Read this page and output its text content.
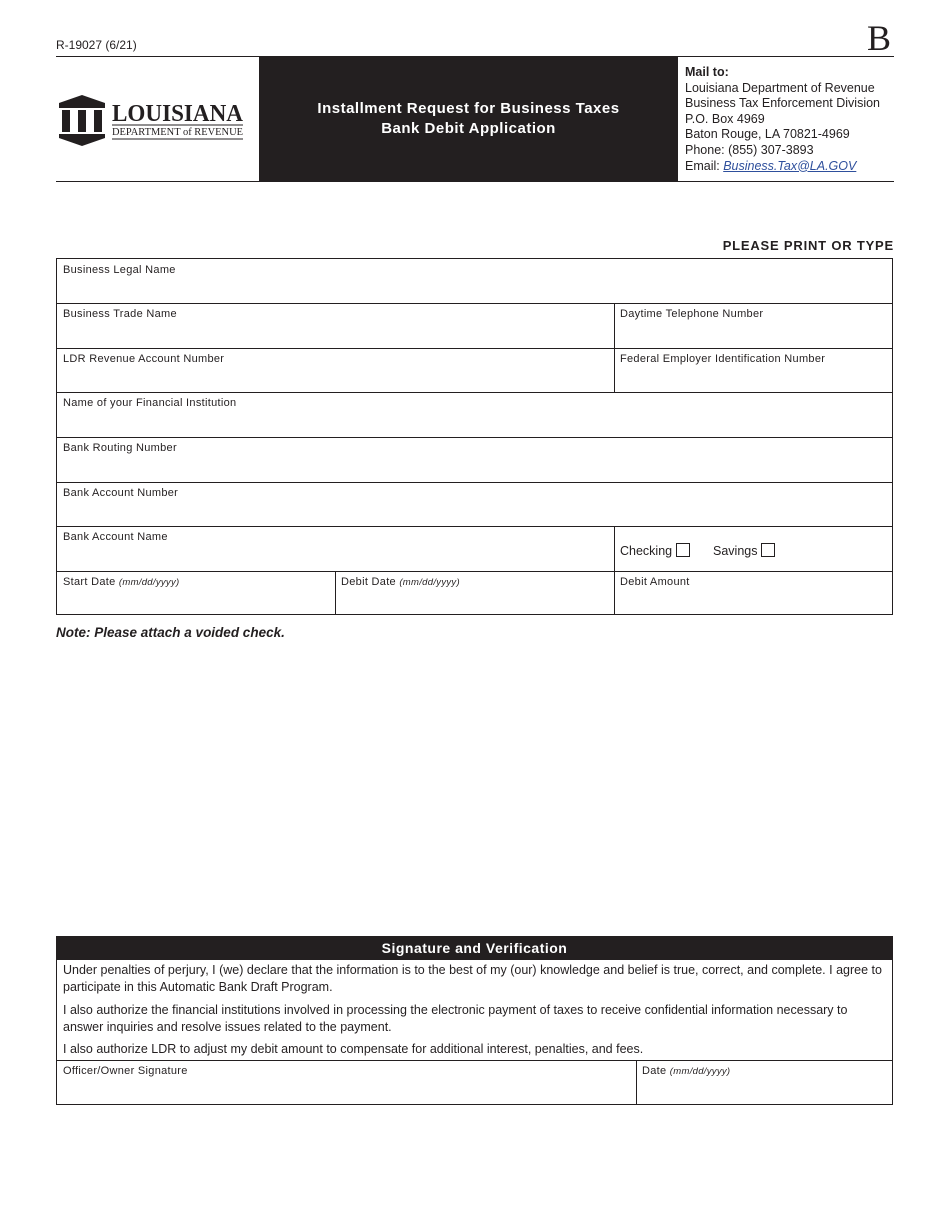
R-19027 (6/21)	B
LOUISIANA
DEPARTMENT of REVENUE
Installment Request for Business Taxes
Bank Debit Application
Mail to:
Louisiana Department of Revenue
Business Tax Enforcement Division
P.O. Box 4969
Baton Rouge, LA 70821-4969
Phone: (855) 307-3893
Email: Business.Tax@LA.GOV
PLEASE PRINT OR TYPE
Business Legal Name
Business Trade Name	Daytime Telephone Number
LDR Revenue Account Number	Federal Employer Identification Number
Name of your Financial Institution
Bank Routing Number
Bank Account Number
Bank Account Name
Checking	Savings
Start Date (mm/dd/yyyy)	Debit Date (mm/dd/yyyy)	Debit Amount
Note: Please attach a voided check.
Signature and Verification

Under penalties of perjury, I (we) declare that the information is to the best of my (our) knowledge and belief is true, correct, and complete. I agree to participate in this Automatic Bank Draft Program.

I also authorize the financial institutions involved in processing the electronic payment of taxes to receive confidential information necessary to answer inquiries and resolve issues related to the payment.

I also authorize LDR to adjust my debit amount to compensate for additional interest, penalties, and fees.

Officer/Owner Signature	Date (mm/dd/yyyy)
